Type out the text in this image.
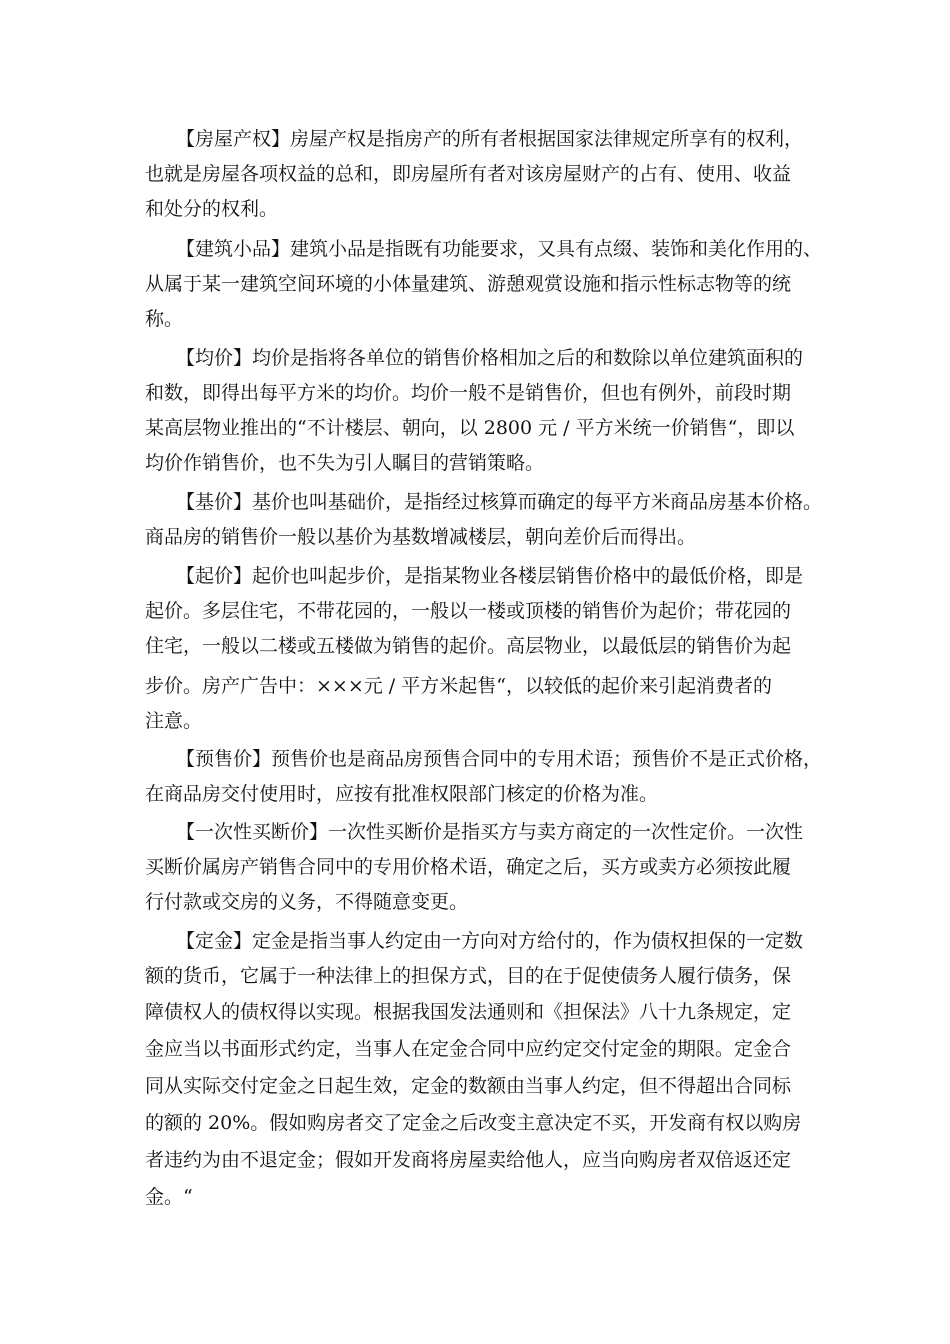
【房屋产权】房屋产权是指房产的所有者根据国家法律规定所享有的权利，
也就是房屋各项权益的总和，即房屋所有者对该房屋财产的占有、使用、收益
和处分的权利。
【建筑小品】建筑小品是指既有功能要求，又具有点缀、装饰和美化作用的、
从属于某一建筑空间环境的小体量建筑、游憩观赏设施和指示性标志物等的统
称。
【均价】均价是指将各单位的销售价格相加之后的和数除以单位建筑面积的
和数，即得出每平方米的均价。均价一般不是销售价，但也有例外，前段时期
某高层物业推出的“不计楼层、朝向，以 2800 元 / 平方米统一价销售“，即以
均价作销售价，也不失为引人瞩目的营销策略。
【基价】基价也叫基础价，是指经过核算而确定的每平方米商品房基本价格。
商品房的销售价一般以基价为基数增减楼层，朝向差价后而得出。
【起价】起价也叫起步价，是指某物业各楼层销售价格中的最低价格，即是
起价。多层住宅，不带花园的，一般以一楼或顶楼的销售价为起价；带花园的
住宅，一般以二楼或五楼做为销售的起价。高层物业，以最低层的销售价为起
步价。房产广告中：×××元 / 平方米起售“，以较低的起价来引起消费者的
注意。
【预售价】预售价也是商品房预售合同中的专用术语；预售价不是正式价格，
在商品房交付使用时，应按有批准权限部门核定的价格为准。
【一次性买断价】一次性买断价是指买方与卖方商定的一次性定价。一次性
买断价属房产销售合同中的专用价格术语，确定之后，买方或卖方必须按此履
行付款或交房的义务，不得随意变更。
【定金】定金是指当事人约定由一方向对方给付的，作为债权担保的一定数
额的货币，它属于一种法律上的担保方式，目的在于促使债务人履行债务，保
障债权人的债权得以实现。根据我国发法通则和《担保法》八十九条规定，定
金应当以书面形式约定，当事人在定金合同中应约定交付定金的期限。定金合
同从实际交付定金之日起生效，定金的数额由当事人约定，但不得超出合同标
的额的 20%。假如购房者交了定金之后改变主意决定不买，开发商有权以购房
者违约为由不退定金；假如开发商将房屋卖给他人，应当向购房者双倍返还定
金。“
